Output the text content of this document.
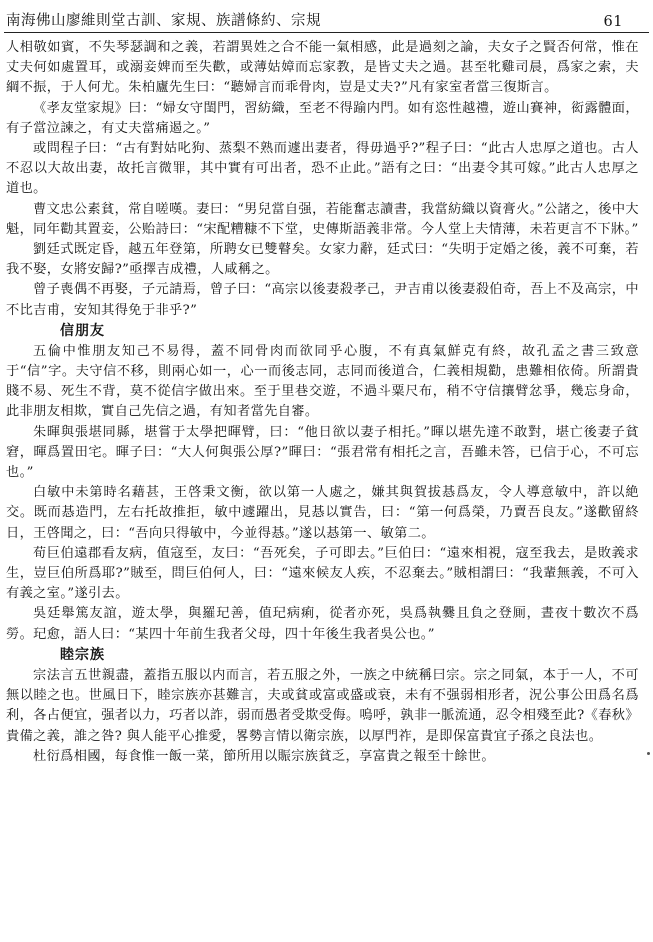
南海佛山廖維則堂古訓、家規、族譜條約、宗規	61

人相敬如賓，不失琴瑟調和之義，若謂異姓之合不能一氣相感，此是過刻之論，夫女子之賢否何常，惟在丈夫何如處置耳，或溺妾婢而至失歡，或薄姑嫜而忘家教，是皆丈夫之過。甚至牝雞司晨，爲家之索，夫綱不振，于人何尤。朱柏廬先生曰：“聽婦言而乖骨肉，豈是丈夫?”凡有家室者當三復斯言。

《孝友堂家規》曰：“婦女守閨門，習紡織，至老不得踰内門。如有恣性越禮，遊山賽神，衒露體面，有子當泣諫之，有丈夫當痛遏之。”

或問程子曰：“古有對姑叱狗、蒸梨不熟而遽出妻者，得毋過乎?”程子曰：“此古人忠厚之道也。古人不忍以大故出妻，故托言微罪，其中實有可出者，恐不止此。”語有之曰：“出妻令其可嫁。”此古人忠厚之道也。

曹文忠公素貧，常自嗟嘆。妻曰：“男兒當自强，若能奮志讀書，我當紡織以資膏火。”公諸之，後中大魁，同年勸其置妾，公贻詩曰：“宋配糟糠不下堂，史傳斯語義非常。今人堂上夫情薄，未若更言不下牀。”

劉廷式既定昏，越五年登第，所聘女已雙瞽矣。女家力辭，廷式曰：“失明于定婚之後，義不可棄，若我不娶，女將安歸?”亟擇吉成禮，人咸稱之。

曾子喪偶不再娶，子元請焉，曾子曰：“高宗以後妻殺孝己，尹吉甫以後妻殺伯奇，吾上不及高宗，中不比吉甫，安知其得免于非乎?”

信朋友

五倫中惟朋友知己不易得，蓋不同骨肉而欲同乎心腹，不有真氣鮮克有終，故孔孟之書三致意于“信”字。夫守信不移，則兩心如一，心一而後志同，志同而後道合，仁義相規勸，患難相依倚。所謂貴賤不易、死生不背，莫不從信字做出來。至于里巷交遊，不過斗粟尺布，稍不守信攘臂忿爭，幾忘身命，此非朋友相欺，實自己先信之過，有知者當先自審。

朱暉與張堪同縣，堪嘗于太學把暉臂，曰：“他日欲以妻子相托。”暉以堪先達不敢對，堪亡後妻子貧窘，暉爲置田宅。暉子曰：“大人何與張公厚?”暉曰：“張君常有相托之言，吾雖未答，已信于心，不可忘也。”

白敏中未第時名藉甚，王啓秉文衡，欲以第一人處之，嫌其與賀拔惎爲友，令人導意敏中，許以絶交。既而惎造門，左右托故推拒，敏中遽躍出，見惎以實告，曰：“第一何爲榮，乃賣吾良友。”遂歡留終日，王啓聞之，曰：“吾向只得敏中，今並得惎。”遂以惎第一、敏第二。

荀巨伯遠郡看友病，值寇至，友曰：“吾死矣，子可即去。”巨伯曰：“遠來相視，寇至我去，是敗義求生，豈巨伯所爲耶?”賊至，問巨伯何人，曰：“遠來候友人疾，不忍棄去。”賊相謂曰：“我輩無義，不可入有義之室。”遂引去。

吳廷舉篤友誼，遊太學，與羅玘善，值玘病痢，從者亦死，吳爲執爨且負之登厠，晝夜十數次不爲勞。玘愈，語人曰：“某四十年前生我者父母，四十年後生我者吳公也。”

睦宗族

宗法言五世親盡，蓋指五服以内而言，若五服之外，一族之中統稱曰宗。宗之同氣，本于一人，不可無以睦之也。世風日下，睦宗族亦甚難言，夫或貧或富或盛或衰，未有不强弱相形者，況公事公田爲名爲利，各占便宜，强者以力，巧者以詐，弱而愚者受欺受侮。嗚呼，孰非一脈流通，忍令相殘至此?《春秋》貴備之義，誰之咎? 與人能平心推愛，畧勢言情以衛宗族，以厚門祚，是即保富貴宜子孫之良法也。

杜衍爲相國，每食惟一飯一菜，節所用以賑宗族貧乏，享富貴之報至十餘世。
